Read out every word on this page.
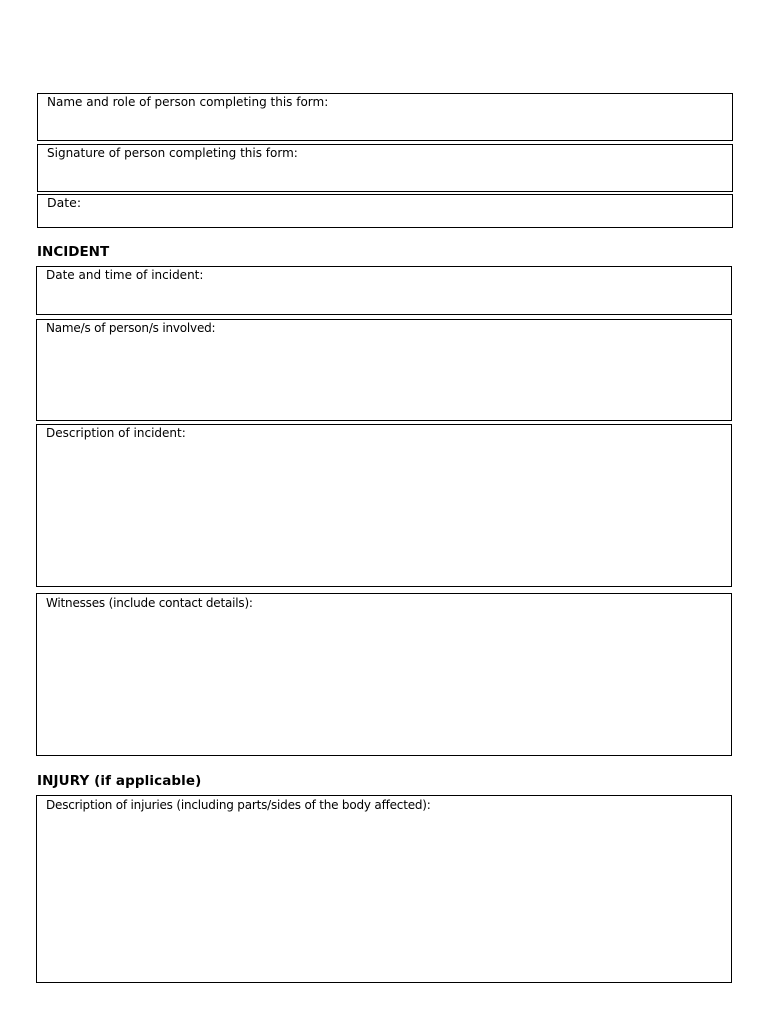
Name and role of person completing this form:
Signature of person completing this form:
Date:
INCIDENT
Date and time of incident:
Name/s of person/s involved:
Description of incident:
Witnesses (include contact details):
INJURY (if applicable)
Description of injuries (including parts/sides of the body affected):
